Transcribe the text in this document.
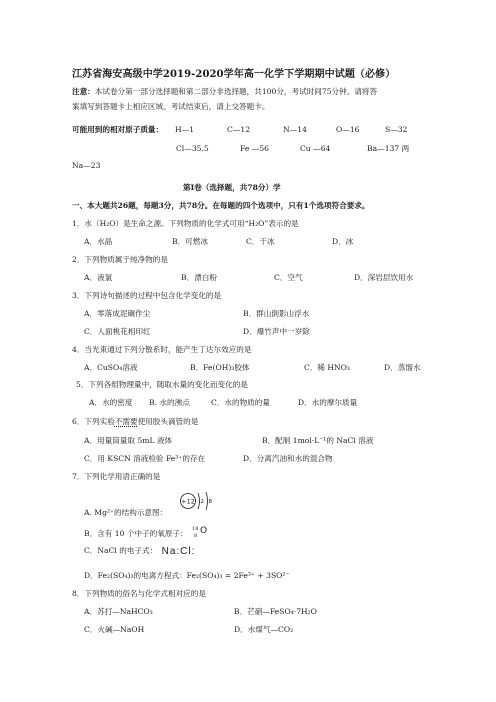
江苏省海安高级中学2019-2020学年高一化学下学期期中试题（必修）
注意：本试卷分第一部分选择题和第二部分非选择题，共100分，考试时间75分钟。请将答
案填写到答题卡上相应区域。考试结束后，请上交答题卡。
可能用到的相对原子质量： H—1	C—12	N—14	O—16	S—32
Cl—35.5	Fe —56	Cu —64	Ba—137 两
Na—23
第Ⅰ卷（选择题，共78分）学
一、本大题共26题，每题3分，共78分。在每题的四个选项中，只有1个选项符合要求。
1．水（H₂O）是生命之源。下列物质的化学式可用“H₂O”表示的是
A．水晶	B．可燃冰	C．干冰	D．冰
2．下列物质属于纯净物的是
A．液氯	B．漂白粉	C．空气	D．深岩层饮用水
3．下列诗句描述的过程中包含化学变化的是
A．零落成泥碾作尘	B．群山倒影山浮水
C．人面桃花相印红	D．爆竹声中一岁除
4．当光束通过下列分散系时，能产生丁达尔效应的是
A．CuSO₄溶液	B．Fe(OH)₃胶体	C．稀 HNO₃	D．蒸馏水
5．下列各组物理量中，随取水量的变化而变化的是
A．水的密度 B. 水的沸点	C．水的物质的量	D．水的摩尔质量
6．下列实验不需要使用胶头滴管的是
A．用量筒量取 5mL 液体	B．配制 1mol·L⁻¹的 NaCl 溶液
C．用 KSCN 溶液检验 Fe³⁺的存在	D．分离汽油和水的混合物
7．下列化学用语正确的是
+12 2 8
A. Mg²⁺的结构示意图：
B．含有 10 个中子的氧原子： 18
8 O
C．NaCl 的电子式： Na:Cl:
D．Fe₂(SO₄)₃的电离方程式：Fe₂(SO₄)₃ = 2Fe³⁺ + 3SO²⁻
8．下列物质的俗名与化学式相对应的是
A．苏打—NaHCO₃	B．芒硝—FeSO₄·7H₂O
C．火碱—NaOH	D．水煤气—CO₂
